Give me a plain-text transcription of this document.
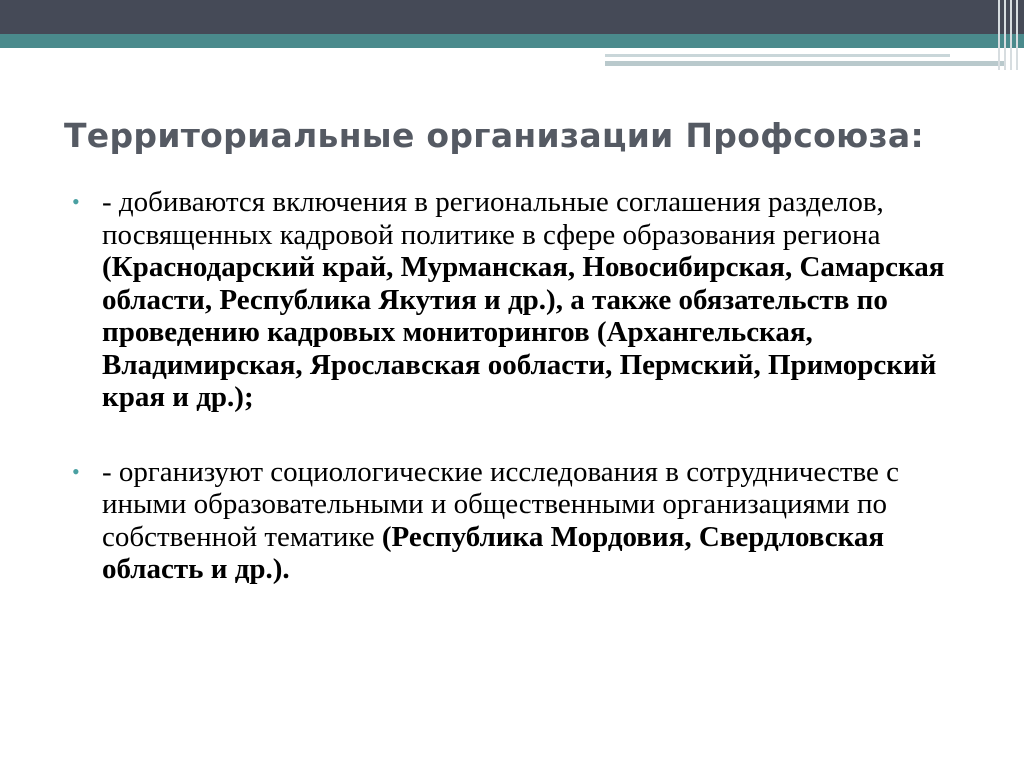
Территориальные организации Профсоюза:
• - добиваются включения в региональные соглашения разделов, посвященных кадровой политике в сфере образования региона (Краснодарский край, Мурманская, Новосибирская, Самарская области, Республика Якутия и др.), а также обязательств по проведению кадровых мониторингов (Архангельская, Владимирская, Ярославская ообласти, Пермский, Приморский края и др.);
• - организуют социологические исследования в сотрудничестве с иными образовательными и общественными организациями по собственной тематике (Республика Мордовия, Свердловская область и др.).
